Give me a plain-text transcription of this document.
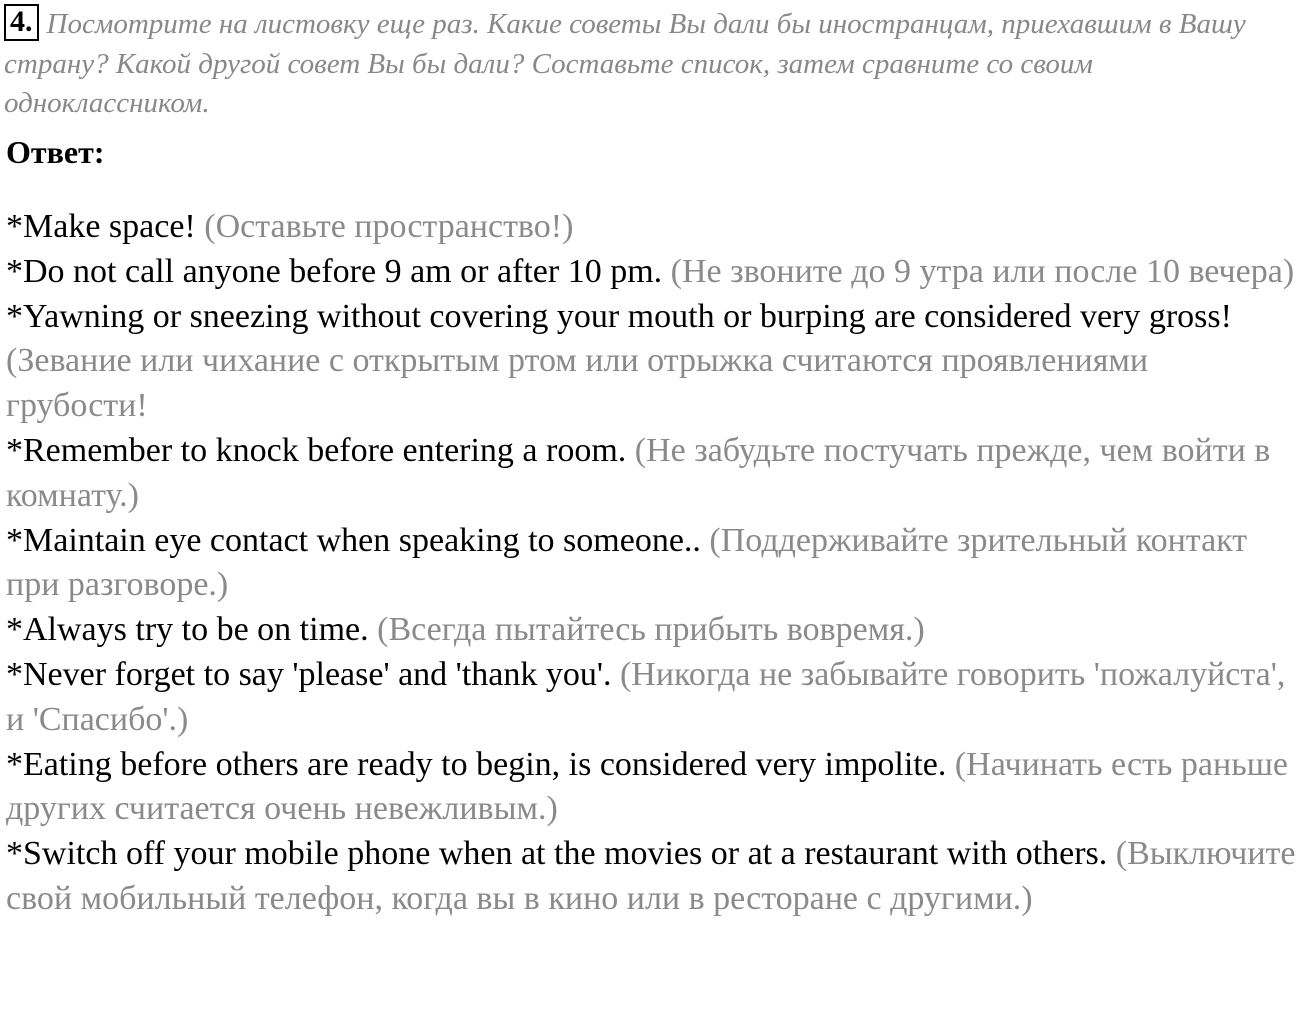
4. Посмотрите на листовку еще раз. Какие советы Вы дали бы иностранцам, приехавшим в Вашу страну? Какой другой совет Вы бы дали? Составьте список, затем сравните со своим одноклассником.
Ответ:

*Make space! (Оставьте пространство!)

*Do not call anyone before 9 am or after 10 pm. (Не звоните до 9 утра или после 10 вечера)

*Yawning or sneezing without covering your mouth or burping are considered very gross! (Зевание или чихание с открытым ртом или отрыжка считаются проявлениями грубости!

*Remember to knock before entering a room. (Не забудьте постучать прежде, чем войти в комнату.)

*Maintain eye contact when speaking to someone.. (Поддерживайте зрительный контакт при разговоре.)

*Always try to be on time. (Всегда пытайтесь прибыть вовремя.)

*Never forget to say 'please' and 'thank you'. (Никогда не забывайте говорить 'пожалуйста', и 'Спасибо'.)

*Eating before others are ready to begin, is considered very impolite. (Начинать есть раньше других считается очень невежливым.)

*Switch off your mobile phone when at the movies or at a restaurant with others. (Выключите свой мобильный телефон, когда вы в кино или в ресторане с другими.)
